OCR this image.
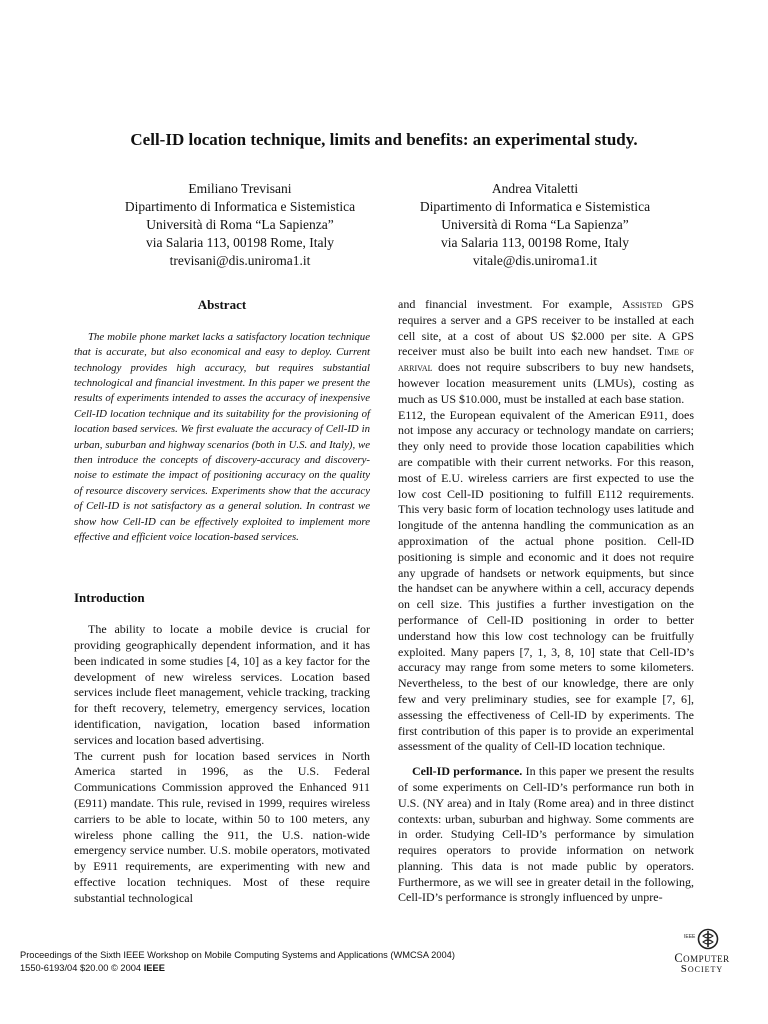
Cell-ID location technique, limits and benefits: an experimental study.
Emiliano Trevisani
Dipartimento di Informatica e Sistemistica
Università di Roma “La Sapienza”
via Salaria 113, 00198 Rome, Italy
trevisani@dis.uniroma1.it
Andrea Vitaletti
Dipartimento di Informatica e Sistemistica
Università di Roma “La Sapienza”
via Salaria 113, 00198 Rome, Italy
vitale@dis.uniroma1.it

Abstract

The mobile phone market lacks a satisfactory location technique that is accurate, but also economical and easy to deploy. Current technology provides high accuracy, but requires substantial technological and financial investment. In this paper we present the results of experiments intended to asses the accuracy of inexpensive Cell-ID location technique and its suitability for the provisioning of location based services. We first evaluate the accuracy of Cell-ID in urban, suburban and highway scenarios (both in U.S. and Italy), we then introduce the concepts of discovery-accuracy and discovery-noise to estimate the impact of positioning accuracy on the quality of resource discovery services. Experiments show that the accuracy of Cell-ID is not satisfactory as a general solution. In contrast we show how Cell-ID can be effectively exploited to implement more effective and efficient voice location-based services.

Introduction

The ability to locate a mobile device is crucial for providing geographically dependent information, and it has been indicated in some studies [4, 10] as a key factor for the development of new wireless services. Location based services include fleet management, vehicle tracking, tracking for theft recovery, telemetry, emergency services, location identification, navigation, location based information services and location based advertising.

The current push for location based services in North America started in 1996, as the U.S. Federal Communications Commission approved the Enhanced 911 (E911) mandate. This rule, revised in 1999, requires wireless carriers to be able to locate, within 50 to 100 meters, any wireless phone calling the 911, the U.S. nation-wide emergency service number. U.S. mobile operators, motivated by E911 requirements, are experimenting with new and effective location techniques. Most of these require substantial technological

and financial investment. For example, Assisted GPS requires a server and a GPS receiver to be installed at each cell site, at a cost of about US $2.000 per site. A GPS receiver must also be built into each new handset. Time of arrival does not require subscribers to buy new handsets, however location measurement units (LMUs), costing as much as US $10.000, must be installed at each base station.

E112, the European equivalent of the American E911, does not impose any accuracy or technology mandate on carriers; they only need to provide those location capabilities which are compatible with their current networks. For this reason, most of E.U. wireless carriers are first expected to use the low cost Cell-ID positioning to fulfill E112 requirements. This very basic form of location technology uses latitude and longitude of the antenna handling the communication as an approximation of the actual phone position. Cell-ID positioning is simple and economic and it does not require any upgrade of handsets or network equipments, but since the handset can be anywhere within a cell, accuracy depends on cell size. This justifies a further investigation on the performance of Cell-ID positioning in order to better understand how this low cost technology can be fruitfully exploited. Many papers [7, 1, 3, 8, 10] state that Cell-ID’s accuracy may range from some meters to some kilometers. Nevertheless, to the best of our knowledge, there are only few and very preliminary studies, see for example [7, 6], assessing the effectiveness of Cell-ID by experiments. The first contribution of this paper is to provide an experimental assessment of the quality of Cell-ID location technique.

Cell-ID performance. In this paper we present the results of some experiments on Cell-ID’s performance run both in U.S. (NY area) and in Italy (Rome area) and in three distinct contexts: urban, suburban and highway. Some comments are in order. Studying Cell-ID’s performance by simulation requires operators to provide information on network planning. This data is not made public by operators. Furthermore, as we will see in greater detail in the following, Cell-ID’s performance is strongly influenced by unpre-

Proceedings of the Sixth IEEE Workshop on Mobile Computing Systems and Applications (WMCSA 2004)
1550-6193/04 $20.00 © 2004 IEEE
IEEE
Computer
Society
